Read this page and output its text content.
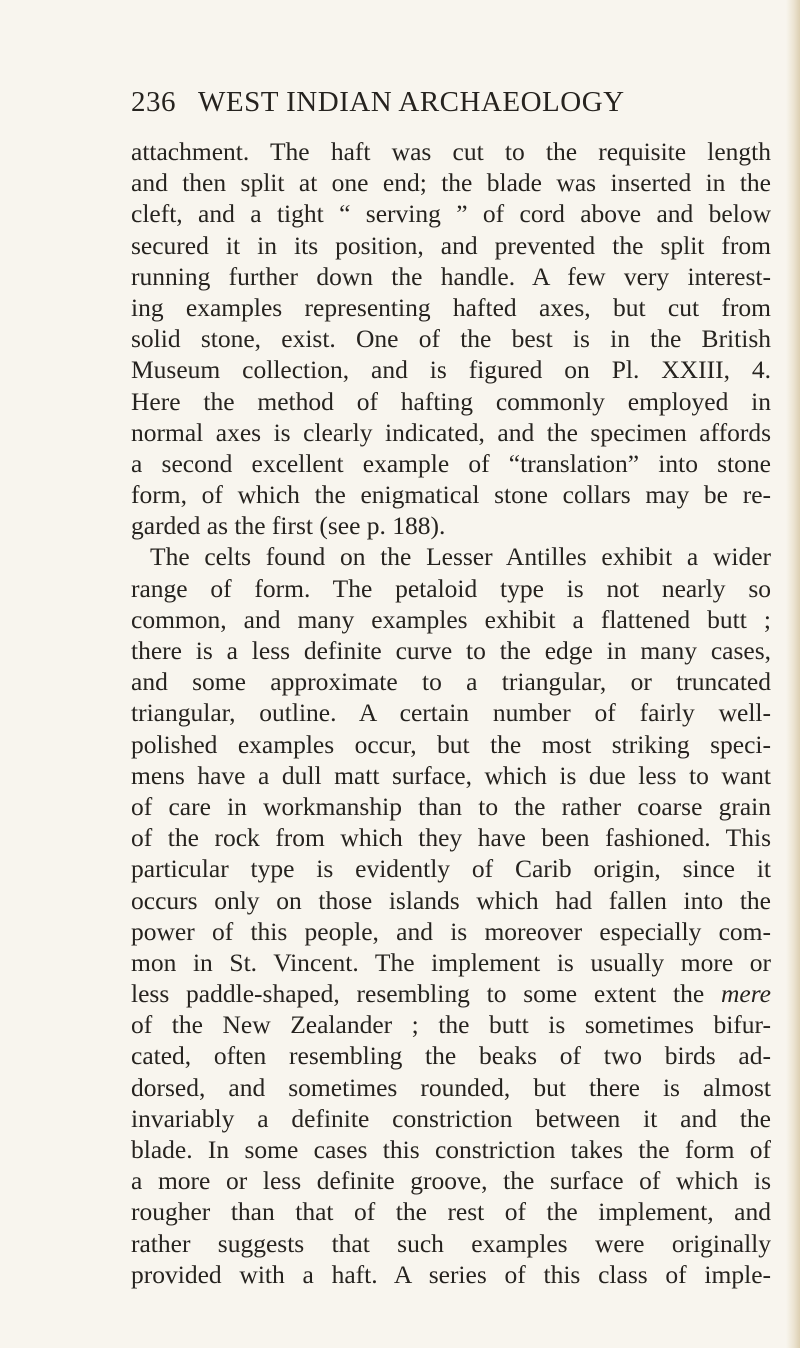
236 WEST INDIAN ARCHAEOLOGY
attachment. The haft was cut to the requisite length
and then split at one end; the blade was inserted in the
cleft, and a tight “ serving ” of cord above and below
secured it in its position, and prevented the split from
running further down the handle. A few very interest-
ing examples representing hafted axes, but cut from
solid stone, exist. One of the best is in the British
Museum collection, and is figured on Pl. XXIII, 4.
Here the method of hafting commonly employed in
normal axes is clearly indicated, and the specimen affords
a second excellent example of “translation” into stone
form, of which the enigmatical stone collars may be re-
garded as the first (see p. 188).
The celts found on the Lesser Antilles exhibit a wider
range of form. The petaloid type is not nearly so
common, and many examples exhibit a flattened butt ;
there is a less definite curve to the edge in many cases,
and some approximate to a triangular, or truncated
triangular, outline. A certain number of fairly well-
polished examples occur, but the most striking speci-
mens have a dull matt surface, which is due less to want
of care in workmanship than to the rather coarse grain
of the rock from which they have been fashioned. This
particular type is evidently of Carib origin, since it
occurs only on those islands which had fallen into the
power of this people, and is moreover especially com-
mon in St. Vincent. The implement is usually more or
less paddle-shaped, resembling to some extent the mere
of the New Zealander ; the butt is sometimes bifur-
cated, often resembling the beaks of two birds ad-
dorsed, and sometimes rounded, but there is almost
invariably a definite constriction between it and the
blade. In some cases this constriction takes the form of
a more or less definite groove, the surface of which is
rougher than that of the rest of the implement, and
rather suggests that such examples were originally
provided with a haft. A series of this class of imple-
